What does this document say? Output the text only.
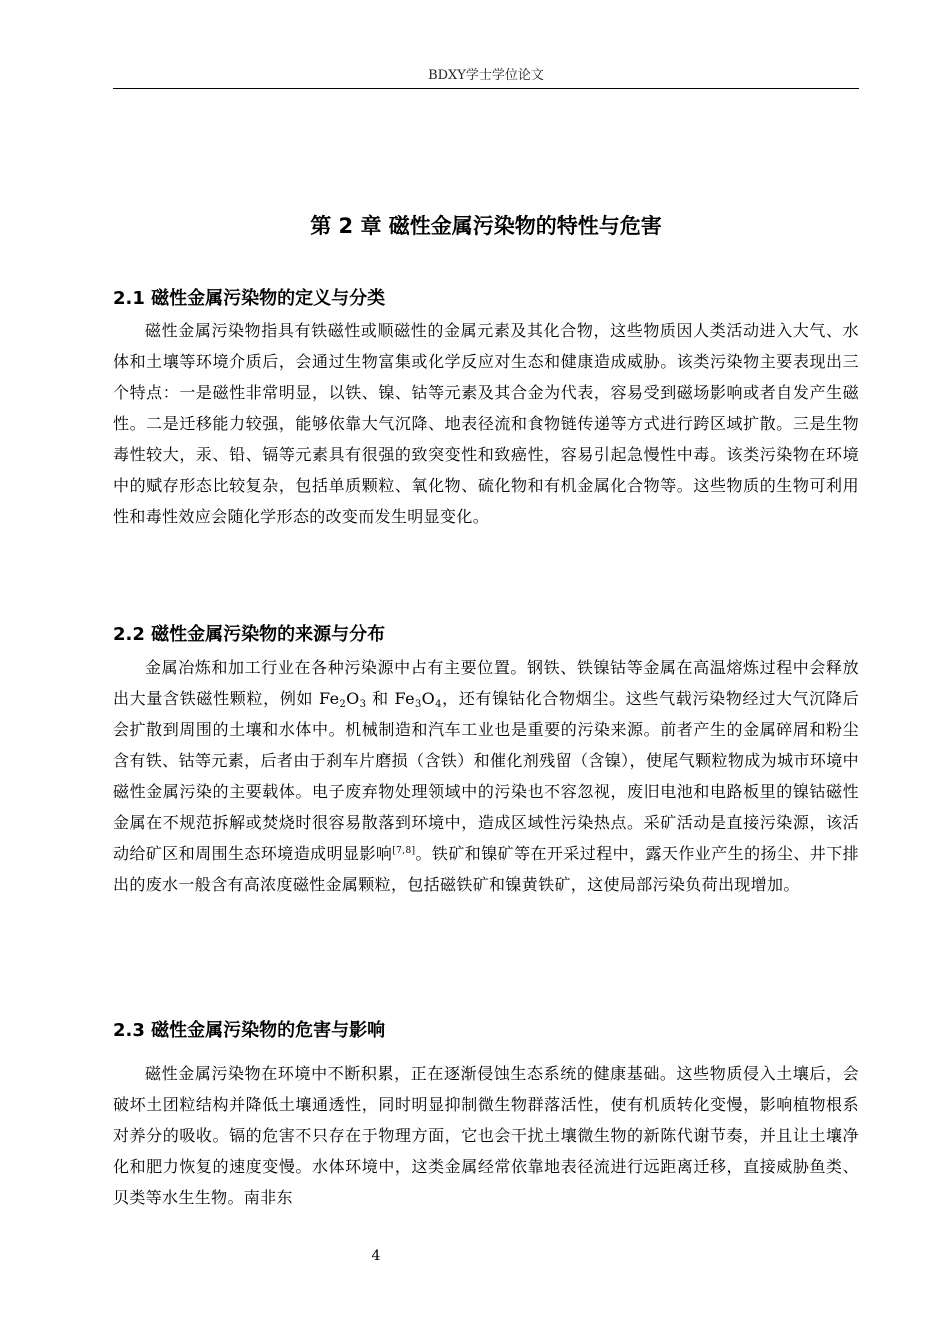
BDXY学士学位论文
第 2 章 磁性金属污染物的特性与危害
2.1 磁性金属污染物的定义与分类

磁性金属污染物指具有铁磁性或顺磁性的金属元素及其化合物，这些物质因人类活动进入大气、水体和土壤等环境介质后，会通过生物富集或化学反应对生态和健康造成威胁。该类污染物主要表现出三个特点：一是磁性非常明显，以铁、镍、钴等元素及其合金为代表，容易受到磁场影响或者自发产生磁性。二是迁移能力较强，能够依靠大气沉降、地表径流和食物链传递等方式进行跨区域扩散。三是生物毒性较大，汞、铅、镉等元素具有很强的致突变性和致癌性，容易引起急慢性中毒。该类污染物在环境中的赋存形态比较复杂，包括单质颗粒、氧化物、硫化物和有机金属化合物等。这些物质的生物可利用性和毒性效应会随化学形态的改变而发生明显变化。

2.2 磁性金属污染物的来源与分布

金属冶炼和加工行业在各种污染源中占有主要位置。钢铁、铁镍钴等金属在高温熔炼过程中会释放出大量含铁磁性颗粒，例如 $Fe_2O_3$ 和 $Fe_3O_4$，还有镍钴化合物烟尘。这些气载污染物经过大气沉降后会扩散到周围的土壤和水体中。机械制造和汽车工业也是重要的污染来源。前者产生的金属碎屑和粉尘含有铁、钴等元素，后者由于刹车片磨损（含铁）和催化剂残留（含镍），使尾气颗粒物成为城市环境中磁性金属污染的主要载体。电子废弃物处理领域中的污染也不容忽视，废旧电池和电路板里的镍钴磁性金属在不规范拆解或焚烧时很容易散落到环境中，造成区域性污染热点。采矿活动是直接污染源，该活动给矿区和周围生态环境造成明显影响[7,8]。铁矿和镍矿等在开采过程中，露天作业产生的扬尘、井下排出的废水一般含有高浓度磁性金属颗粒，包括磁铁矿和镍黄铁矿，这使局部污染负荷出现增加。

2.3 磁性金属污染物的危害与影响

磁性金属污染物在环境中不断积累，正在逐渐侵蚀生态系统的健康基础。这些物质侵入土壤后，会破坏土团粒结构并降低土壤通透性，同时明显抑制微生物群落活性，使有机质转化变慢，影响植物根系对养分的吸收。镉的危害不只存在于物理方面，它也会干扰土壤微生物的新陈代谢节奏，并且让土壤净化和肥力恢复的速度变慢。水体环境中，这类金属经常依靠地表径流进行远距离迁移，直接威胁鱼类、贝类等水生生物。南非东

4
